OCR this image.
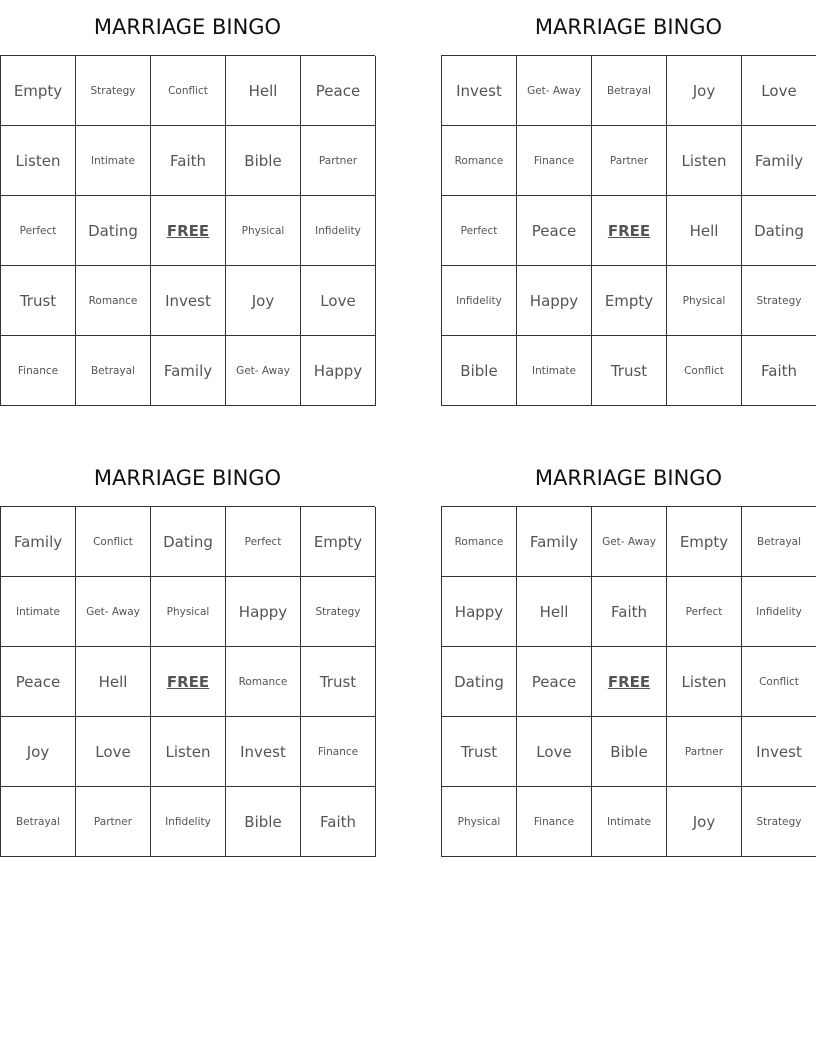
MARRIAGE BINGO
Empty	Strategy	Conflict	Hell	Peace
Listen	Intimate	Faith	Bible	Partner
Perfect	Dating	FREE	Physical	Infidelity
Trust	Romance	Invest	Joy	Love
Finance	Betrayal	Family	Get- Away	Happy
MARRIAGE BINGO
Invest	Get- Away	Betrayal	Joy	Love
Romance	Finance	Partner	Listen	Family
Perfect	Peace	FREE	Hell	Dating
Infidelity	Happy	Empty	Physical	Strategy
Bible	Intimate	Trust	Conflict	Faith
MARRIAGE BINGO
Family	Conflict	Dating	Perfect	Empty
Intimate	Get- Away	Physical	Happy	Strategy
Peace	Hell	FREE	Romance	Trust
Joy	Love	Listen	Invest	Finance
Betrayal	Partner	Infidelity	Bible	Faith
MARRIAGE BINGO
Romance	Family	Get- Away	Empty	Betrayal
Happy	Hell	Faith	Perfect	Infidelity
Dating	Peace	FREE	Listen	Conflict
Trust	Love	Bible	Partner	Invest
Physical	Finance	Intimate	Joy	Strategy
